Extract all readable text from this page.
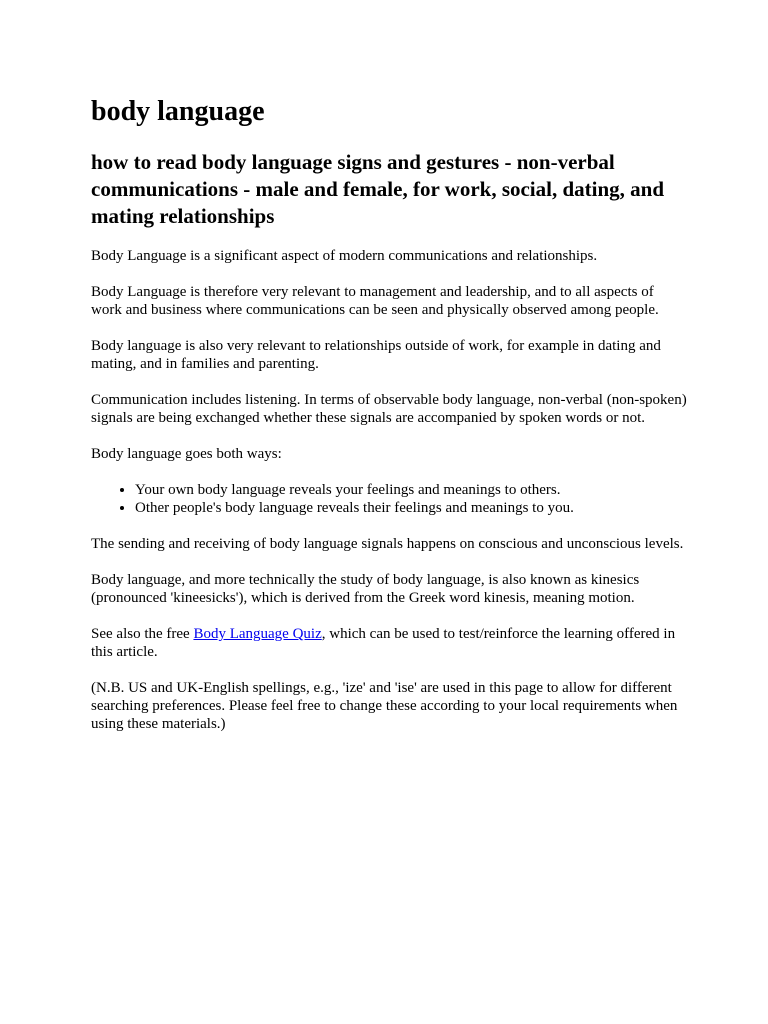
body language
how to read body language signs and gestures - non-verbal communications - male and female, for work, social, dating, and mating relationships

Body Language is a significant aspect of modern communications and relationships.

Body Language is therefore very relevant to management and leadership, and to all aspects of work and business where communications can be seen and physically observed among people.

Body language is also very relevant to relationships outside of work, for example in dating and mating, and in families and parenting.

Communication includes listening. In terms of observable body language, non-verbal (non-spoken) signals are being exchanged whether these signals are accompanied by spoken words or not.

Body language goes both ways:

• Your own body language reveals your feelings and meanings to others.
• Other people's body language reveals their feelings and meanings to you.

The sending and receiving of body language signals happens on conscious and unconscious levels.

Body language, and more technically the study of body language, is also known as kinesics (pronounced 'kineesicks'), which is derived from the Greek word kinesis, meaning motion.

See also the free Body Language Quiz, which can be used to test/reinforce the learning offered in this article.

(N.B. US and UK-English spellings, e.g., 'ize' and 'ise' are used in this page to allow for different searching preferences. Please feel free to change these according to your local requirements when using these materials.)
